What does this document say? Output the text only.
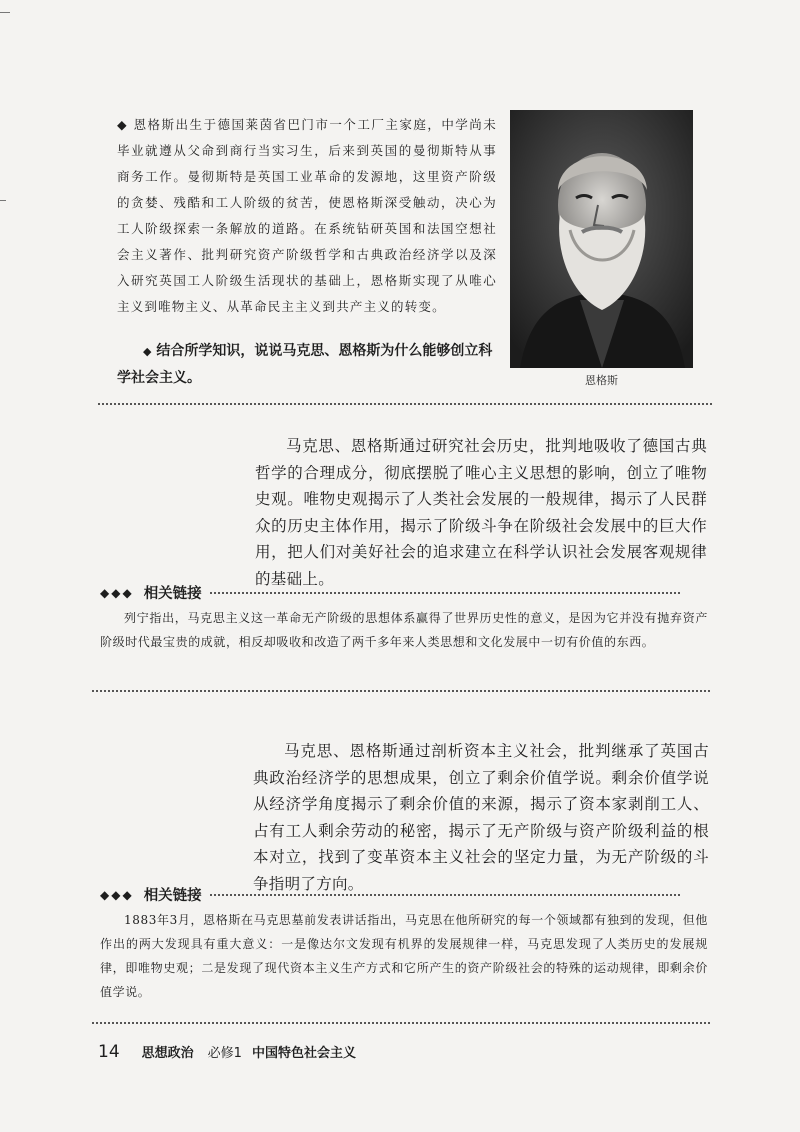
◆ 恩格斯出生于德国莱茵省巴门市一个工厂主家庭，中学尚未毕业就遵从父命到商行当实习生，后来到英国的曼彻斯特从事商务工作。曼彻斯特是英国工业革命的发源地，这里资产阶级的贪婪、残酷和工人阶级的贫苦，使恩格斯深受触动，决心为工人阶级探索一条解放的道路。在系统钻研英国和法国空想社会主义著作、批判研究资产阶级哲学和古典政治经济学以及深入研究英国工人阶级生活现状的基础上，恩格斯实现了从唯心主义到唯物主义、从革命民主主义到共产主义的转变。

◆ 结合所学知识，说说马克思、恩格斯为什么能够创立科学社会主义。	恩格斯

马克思、恩格斯通过研究社会历史，批判地吸收了德国古典哲学的合理成分，彻底摆脱了唯心主义思想的影响，创立了唯物史观。唯物史观揭示了人类社会发展的一般规律，揭示了人民群众的历史主体作用，揭示了阶级斗争在阶级社会发展中的巨大作用，把人们对美好社会的追求建立在科学认识社会发展客观规律的基础上。

◆◆◆ 相关链接

列宁指出，马克思主义这一革命无产阶级的思想体系赢得了世界历史性的意义，是因为它并没有抛弃资产阶级时代最宝贵的成就，相反却吸收和改造了两千多年来人类思想和文化发展中一切有价值的东西。

马克思、恩格斯通过剖析资本主义社会，批判继承了英国古典政治经济学的思想成果，创立了剩余价值学说。剩余价值学说从经济学角度揭示了剩余价值的来源，揭示了资本家剥削工人、占有工人剩余劳动的秘密，揭示了无产阶级与资产阶级利益的根本对立，找到了变革资本主义社会的坚定力量，为无产阶级的斗争指明了方向。

◆◆◆ 相关链接

1883年3月，恩格斯在马克思墓前发表讲话指出，马克思在他所研究的每一个领域都有独到的发现，但他作出的两大发现具有重大意义：一是像达尔文发现有机界的发展规律一样，马克思发现了人类历史的发展规律，即唯物史观；二是发现了现代资本主义生产方式和它所产生的资产阶级社会的特殊的运动规律，即剩余价值学说。

14 思想政治 必修1 中国特色社会主义
